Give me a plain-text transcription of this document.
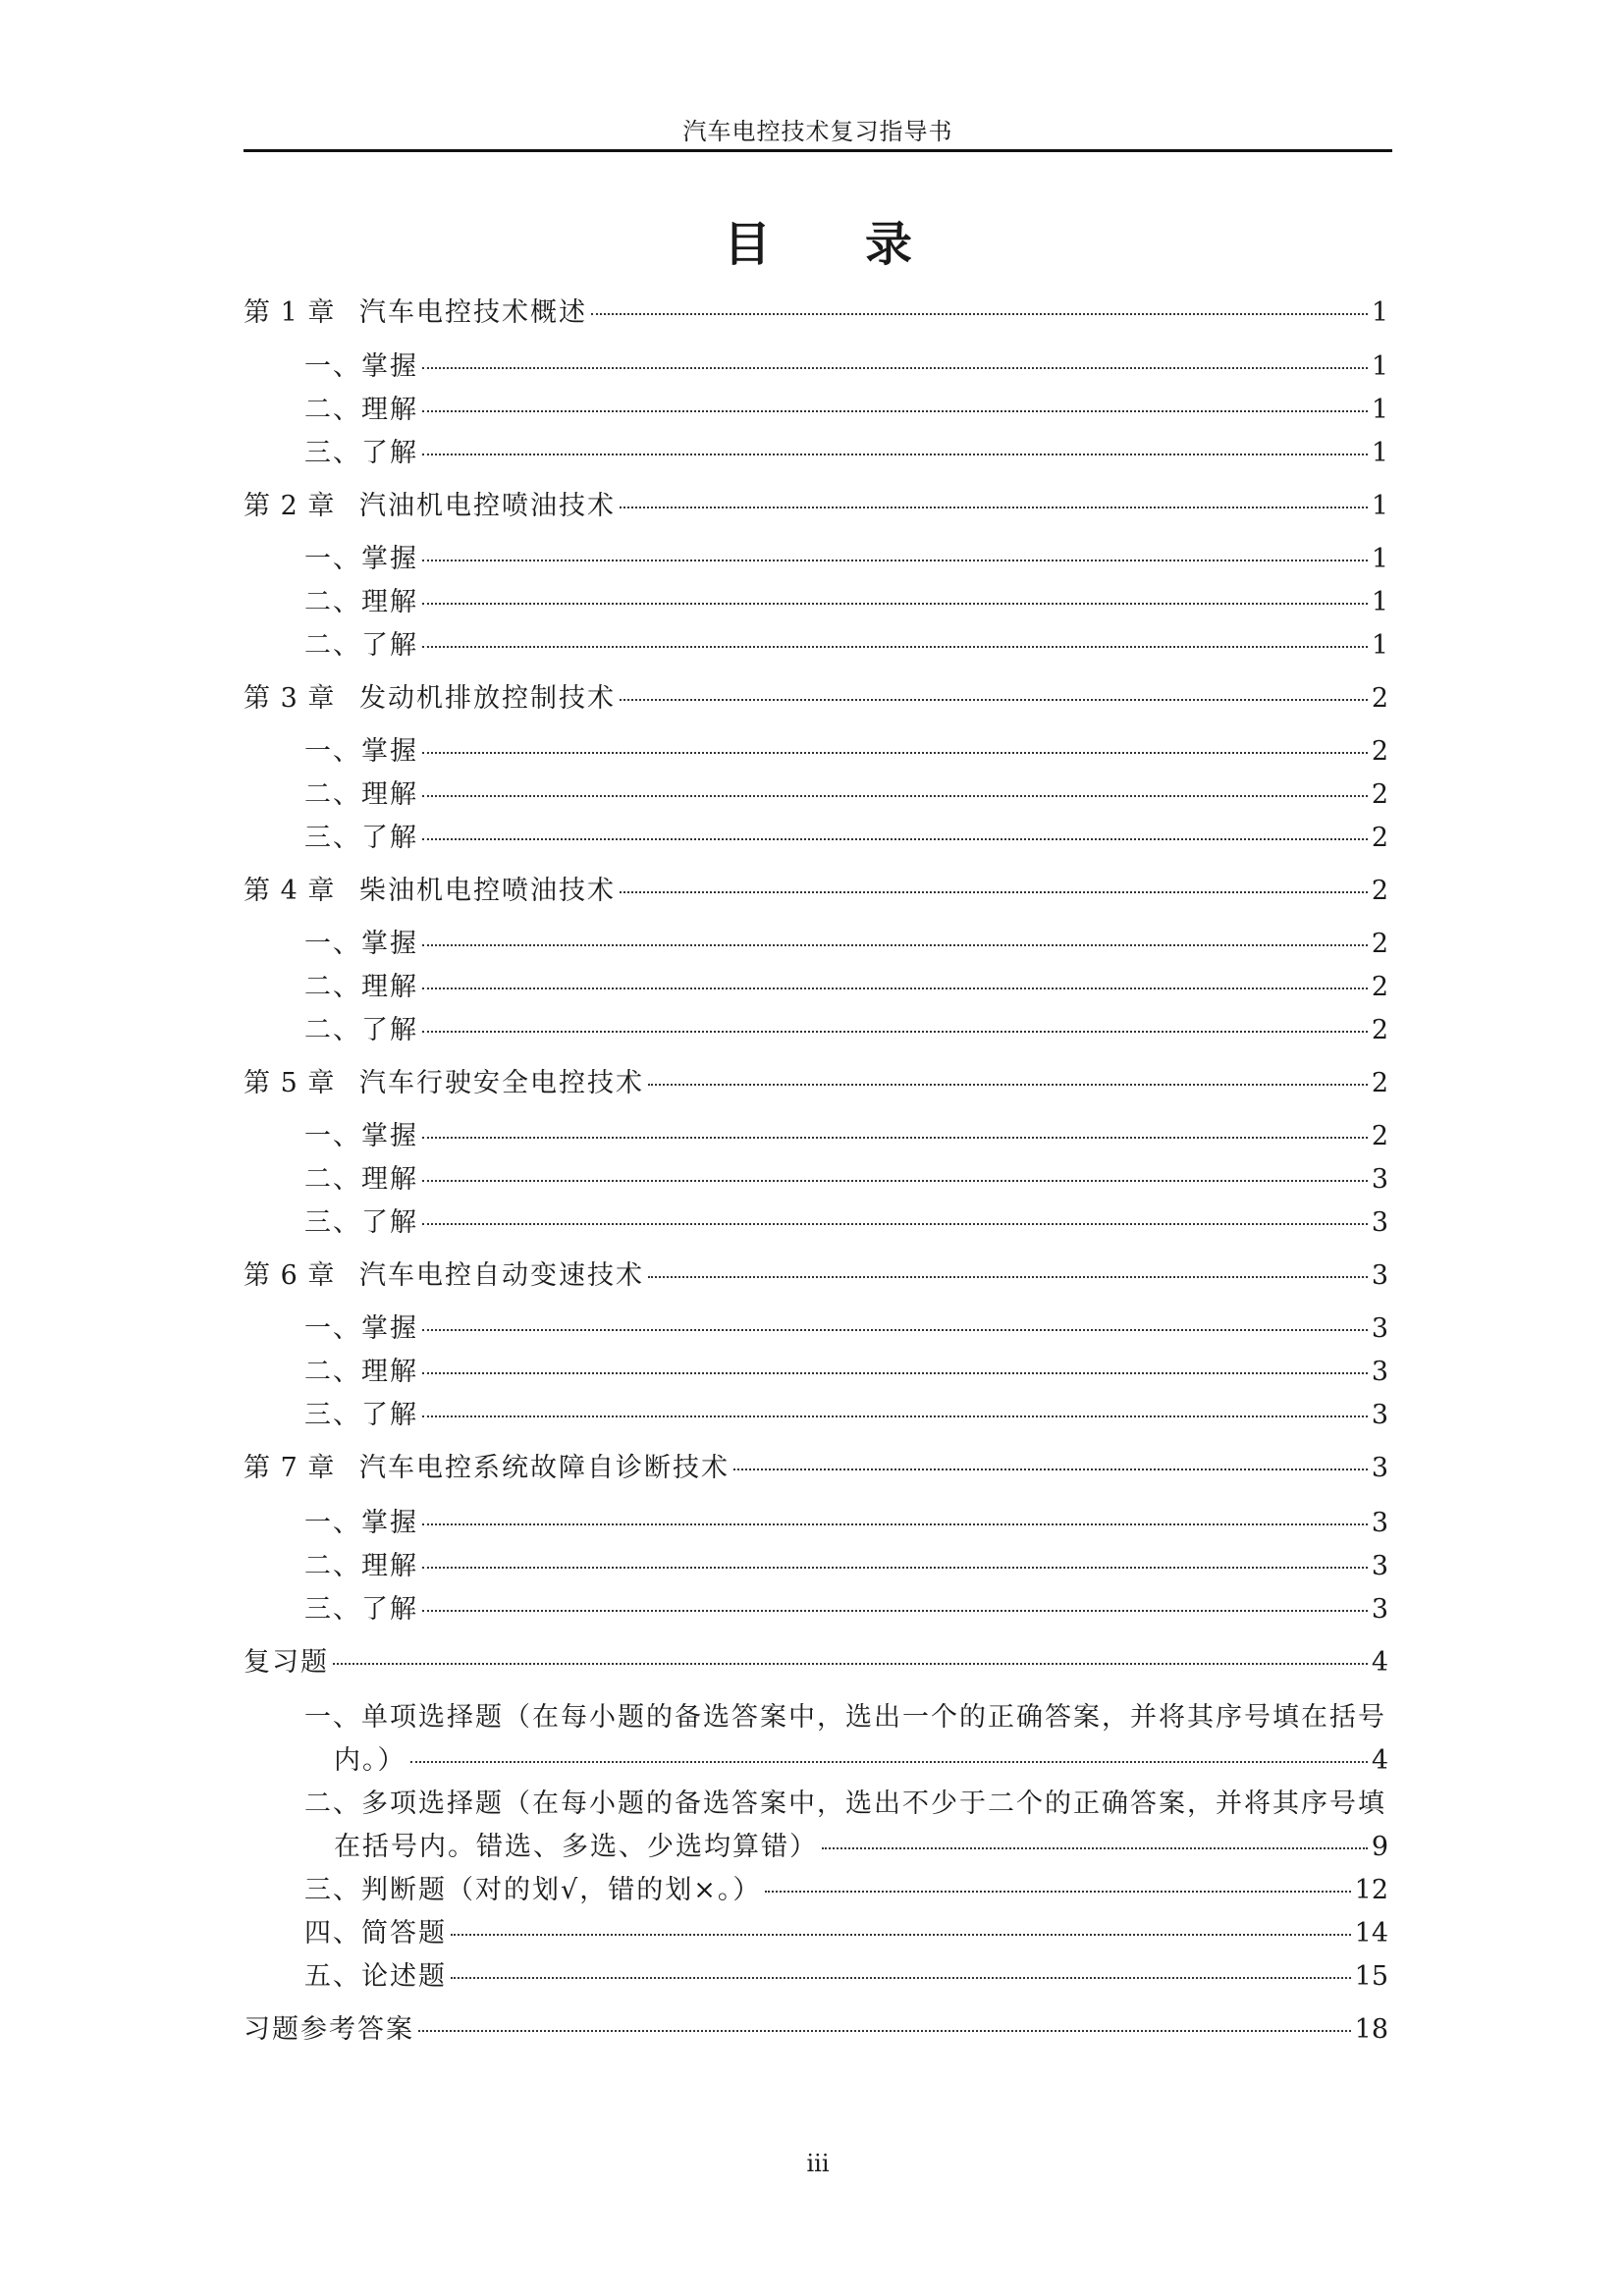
汽车电控技术复习指导书
目 录
第 1 章 汽车电控技术概述	1
一、掌握	1
二、理解	1
三、了解	1
第 2 章 汽油机电控喷油技术	1
一、掌握	1
二、理解	1
二、了解	1
第 3 章 发动机排放控制技术	2
一、掌握	2
二、理解	2
三、了解	2
第 4 章 柴油机电控喷油技术	2
一、掌握	2
二、理解	2
二、了解	2
第 5 章 汽车行驶安全电控技术	2
一、掌握	2
二、理解	3
三、了解	3
第 6 章 汽车电控自动变速技术	3
一、掌握	3
二、理解	3
三、了解	3
第 7 章 汽车电控系统故障自诊断技术	3
一、掌握	3
二、理解	3
三、了解	3
复习题	4
一、单项选择题（在每小题的备选答案中，选出一个的正确答案，并将其序号填在括号
内。）	4
二、多项选择题（在每小题的备选答案中，选出不少于二个的正确答案，并将其序号填
在括号内。错选、多选、少选均算错）	9
三、判断题（对的划√，错的划×。）	12
四、简答题	14
五、论述题	15
习题参考答案	18
iii
